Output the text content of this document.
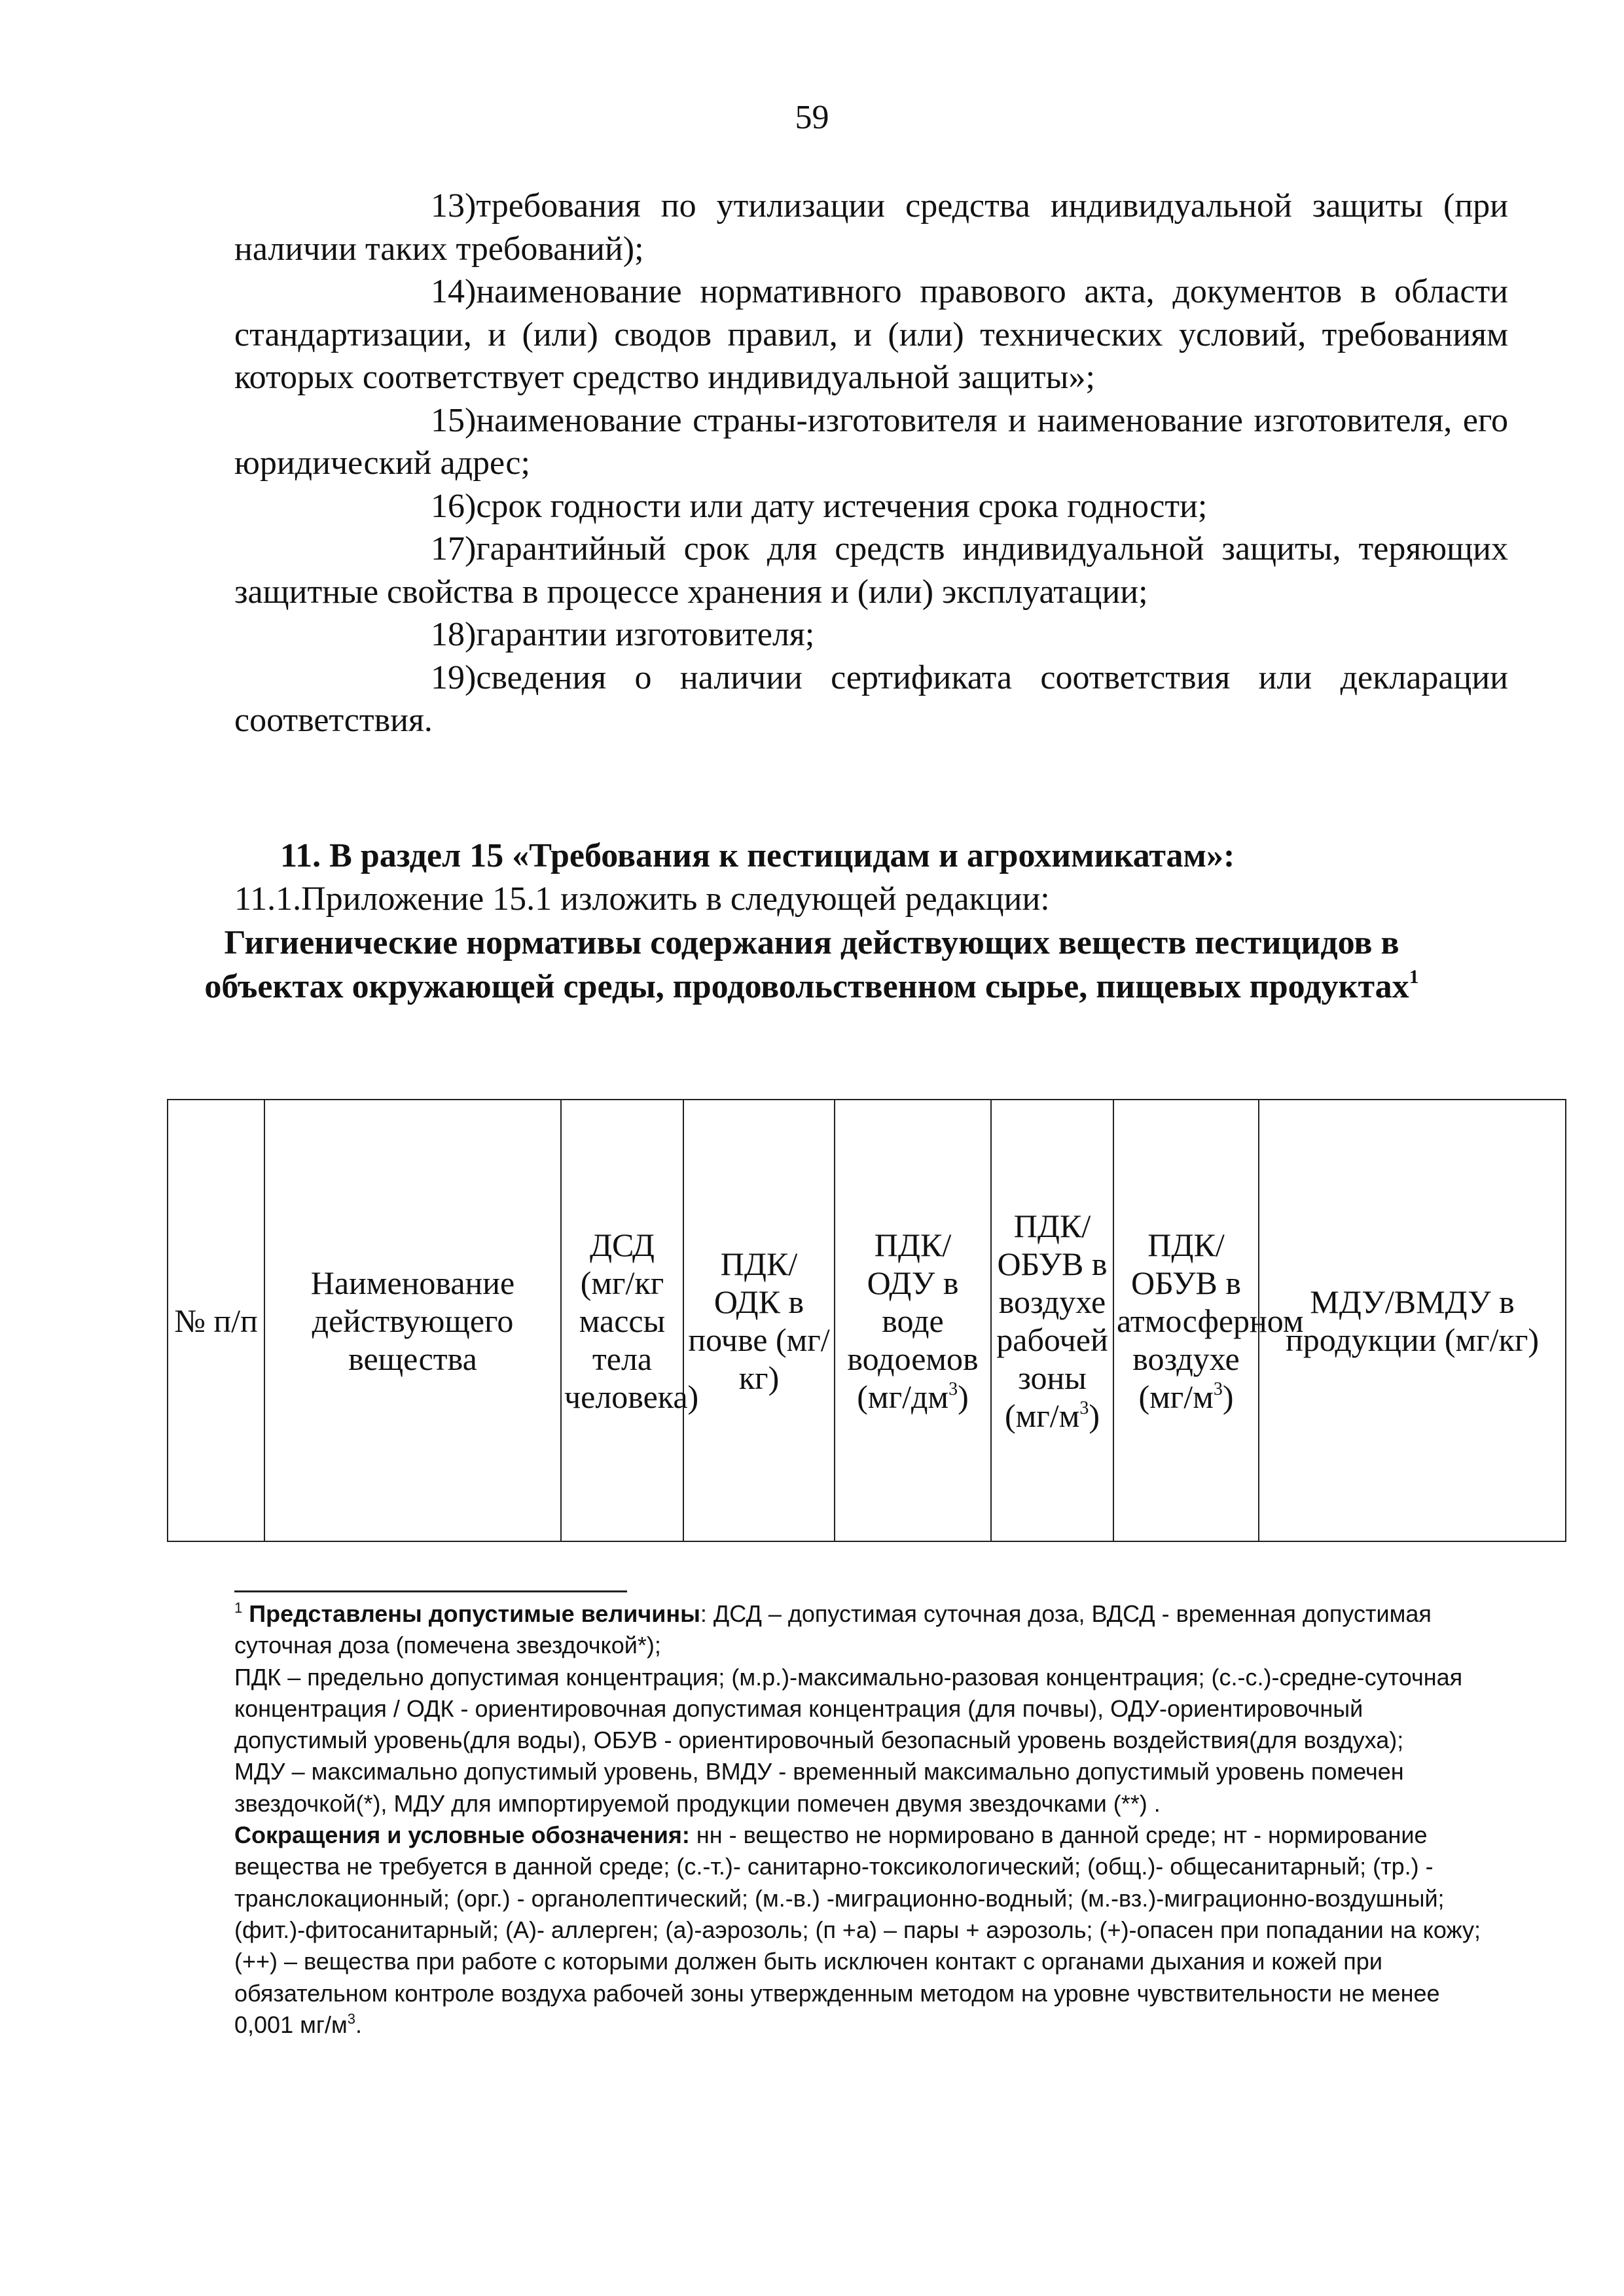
59

13)требования по утилизации средства индивидуальной защиты (при наличии таких требований);

14)наименование нормативного правового акта, документов в области стандартизации, и (или) сводов правил, и (или) технических условий, требованиям которых соответствует средство индивидуальной защиты»;

15)наименование страны-изготовителя и наименование изготовителя, его юридический адрес;

16)срок годности или дату истечения срока годности;

17)гарантийный срок для средств индивидуальной защиты, теряющих защитные свойства в процессе хранения и (или) эксплуатации;

18)гарантии изготовителя;

19)сведения о наличии сертификата соответствия или декларации соответствия.

11. В раздел 15 «Требования к пестицидам и агрохимикатам»:

11.1.Приложение 15.1 изложить в следующей редакции:

Гигиенические нормативы содержания действующих веществ пестицидов в объектах окружающей среды, продовольственном сырье, пищевых продуктах$^1$
№ п/п	Наименование действующего вещества	ДСД (мг/кг массы тела человека)	ПДК/ ОДК в почве (мг/кг)	ПДК/ ОДУ в воде водоемов $(мг/дм^3)$	ПДК/ ОБУВ в воздухе рабочей зоны $(мг/м^3)$	ПДК/ ОБУВ в атмосферном воздухе $(мг/м^3)$	МДУ/ВМДУ в продукции (мг/кг)

$^1$ Представлены допустимые величины: ДСД – допустимая суточная доза, ВДСД - временная допустимая суточная доза (помечена звездочкой*);

ПДК – предельно допустимая концентрация; (м.р.)-максимально-разовая концентрация; (с.-с.)-средне-суточная концентрация / ОДК - ориентировочная допустимая концентрация (для почвы), ОДУ-ориентировочный допустимый уровень(для воды), ОБУВ - ориентировочный безопасный уровень воздействия(для воздуха);

МДУ – максимально допустимый уровень, ВМДУ - временный максимально допустимый уровень помечен звездочкой(*), МДУ для импортируемой продукции помечен двумя звездочками (**) .

Сокращения и условные обозначения: нн - вещество не нормировано в данной среде; нт - нормирование вещества не требуется в данной среде; (с.-т.)- санитарно-токсикологический; (общ.)- общесанитарный; (тр.) - транслокационный; (орг.) - органолептический; (м.-в.) -миграционно-водный; (м.-вз.)-миграционно-воздушный; (фит.)-фитосанитарный; (А)- аллерген; (а)-аэрозоль; (п +а) – пары + аэрозоль; (+)-опасен при попадании на кожу; (++) – вещества при работе с которыми должен быть исключен контакт с органами дыхания и кожей при обязательном контроле воздуха рабочей зоны утвержденным методом на уровне чувствительности не менее 0,001 $мг/м^3$.
